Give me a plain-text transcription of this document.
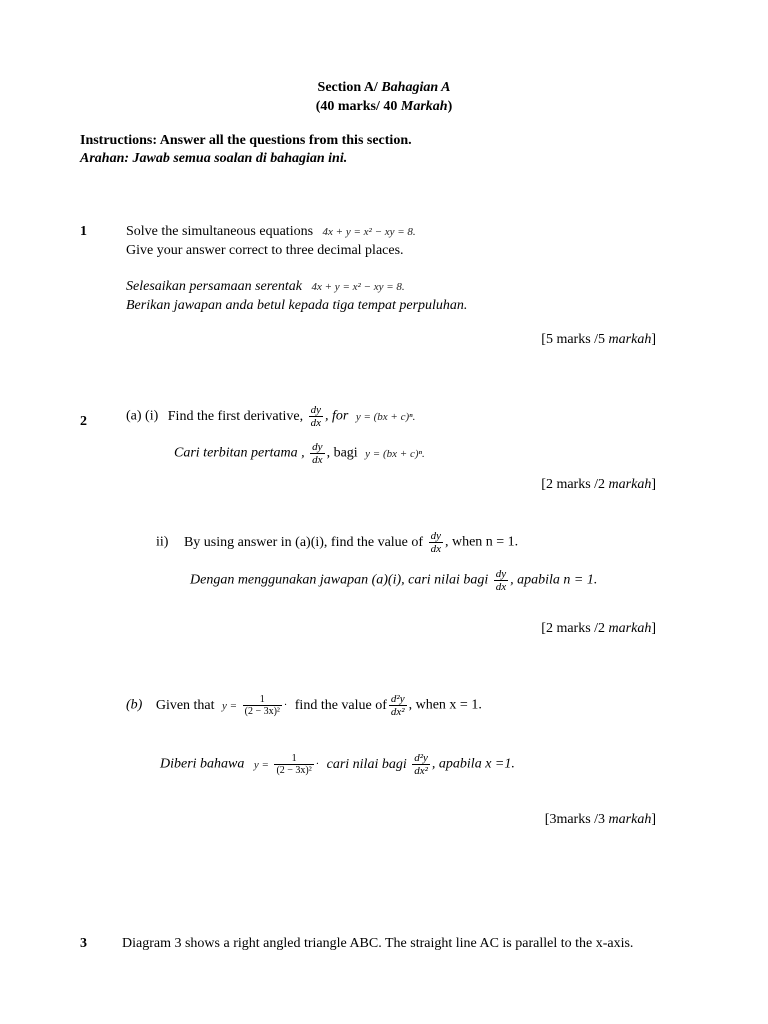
Section A/ Bahagian A
(40 marks/ 40 Markah)
Instructions: Answer all the questions from this section.
Arahan: Jawab semua soalan di bahagian ini.
1	Solve the simultaneous equations 4x + y = x² − xy = 8.
Give your answer correct to three decimal places.
Selesaikan persamaan serentak 4x + y = x² − xy = 8.
Berikan jawapan anda betul kepada tiga tempat perpuluhan.
[5 marks /5 markah]
2	(a) (i) Find the first derivative, $\frac{dy}{dx}$ , for y = (bx + c)ⁿ.
Cari terbitan pertama , $\frac{dy}{dx}$ , bagi y = (bx + c)ⁿ.
[2 marks /2 markah]
ii) By using answer in (a)(i), find the value of $\frac{dy}{dx}$ , when n = 1.
Dengan menggunakan jawapan (a)(i), cari nilai bagi $\frac{dy}{dx}$ , apabila n = 1.
[2 marks /2 markah]
(b) Given that $y = \frac{1}{\text{(2 − 3x)²}}$ · find the value of $\frac{\text{d²y}}{\text{dx²}}$ , when x = 1.
Diberi bahawa $y = \frac{1}{\text{(2 − 3x)²}}$ · cari nilai bagi $\frac{\text{d²y}}{\text{dx²}}$ , apabila x =1.
[3marks /3 markah]
3	Diagram 3 shows a right angled triangle ABC. The straight line AC is parallel to the x-axis.
